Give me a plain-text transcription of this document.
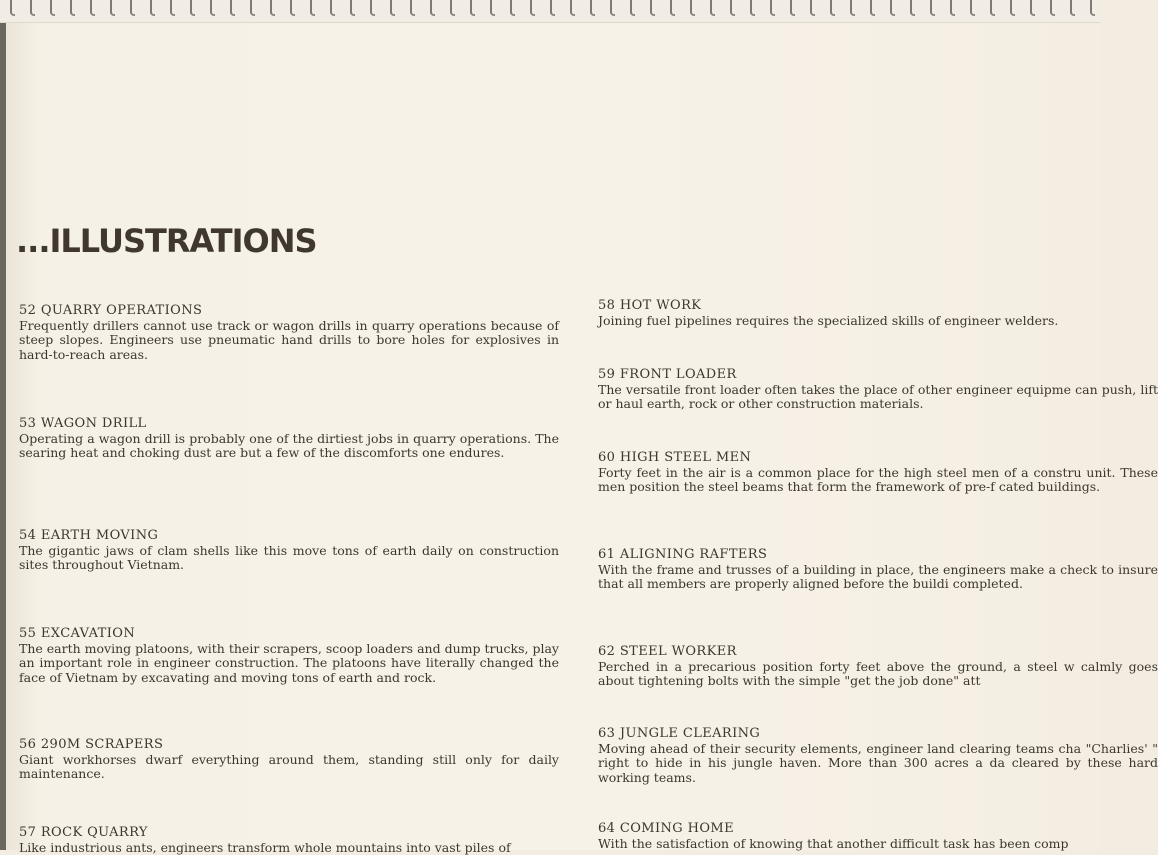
...ILLUSTRATIONS
52 QUARRY OPERATIONS
Frequently drillers cannot use track or wagon drills in quarry operations because of steep slopes. Engineers use pneumatic hand drills to bore holes for explosives in hard-to-reach areas.
53 WAGON DRILL
Operating a wagon drill is probably one of the dirtiest jobs in quarry operations. The searing heat and choking dust are but a few of the discomforts one endures.
54 EARTH MOVING
The gigantic jaws of clam shells like this move tons of earth daily on construction sites throughout Vietnam.
55 EXCAVATION
The earth moving platoons, with their scrapers, scoop loaders and dump trucks, play an important role in engineer construction. The platoons have literally changed the face of Vietnam by excavating and moving tons of earth and rock.
56 290M SCRAPERS
Giant workhorses dwarf everything around them, standing still only for daily maintenance.
57 ROCK QUARRY
Like industrious ants, engineers transform whole mountains into vast piles of
58 HOT WORK
Joining fuel pipelines requires the specialized skills of engineer welders.
59 FRONT LOADER
The versatile front loader often takes the place of other engineer equipme can push, lift or haul earth, rock or other construction materials.
60 HIGH STEEL MEN
Forty feet in the air is a common place for the high steel men of a constru unit. These men position the steel beams that form the framework of pre-f cated buildings.
61 ALIGNING RAFTERS
With the frame and trusses of a building in place, the engineers make a check to insure that all members are properly aligned before the buildi completed.
62 STEEL WORKER
Perched in a precarious position forty feet above the ground, a steel w calmly goes about tightening bolts with the simple "get the job done" att
63 JUNGLE CLEARING
Moving ahead of their security elements, engineer land clearing teams cha "Charlies' " right to hide in his jungle haven. More than 300 acres a da cleared by these hard working teams.
64 COMING HOME
With the satisfaction of knowing that another difficult task has been comp
